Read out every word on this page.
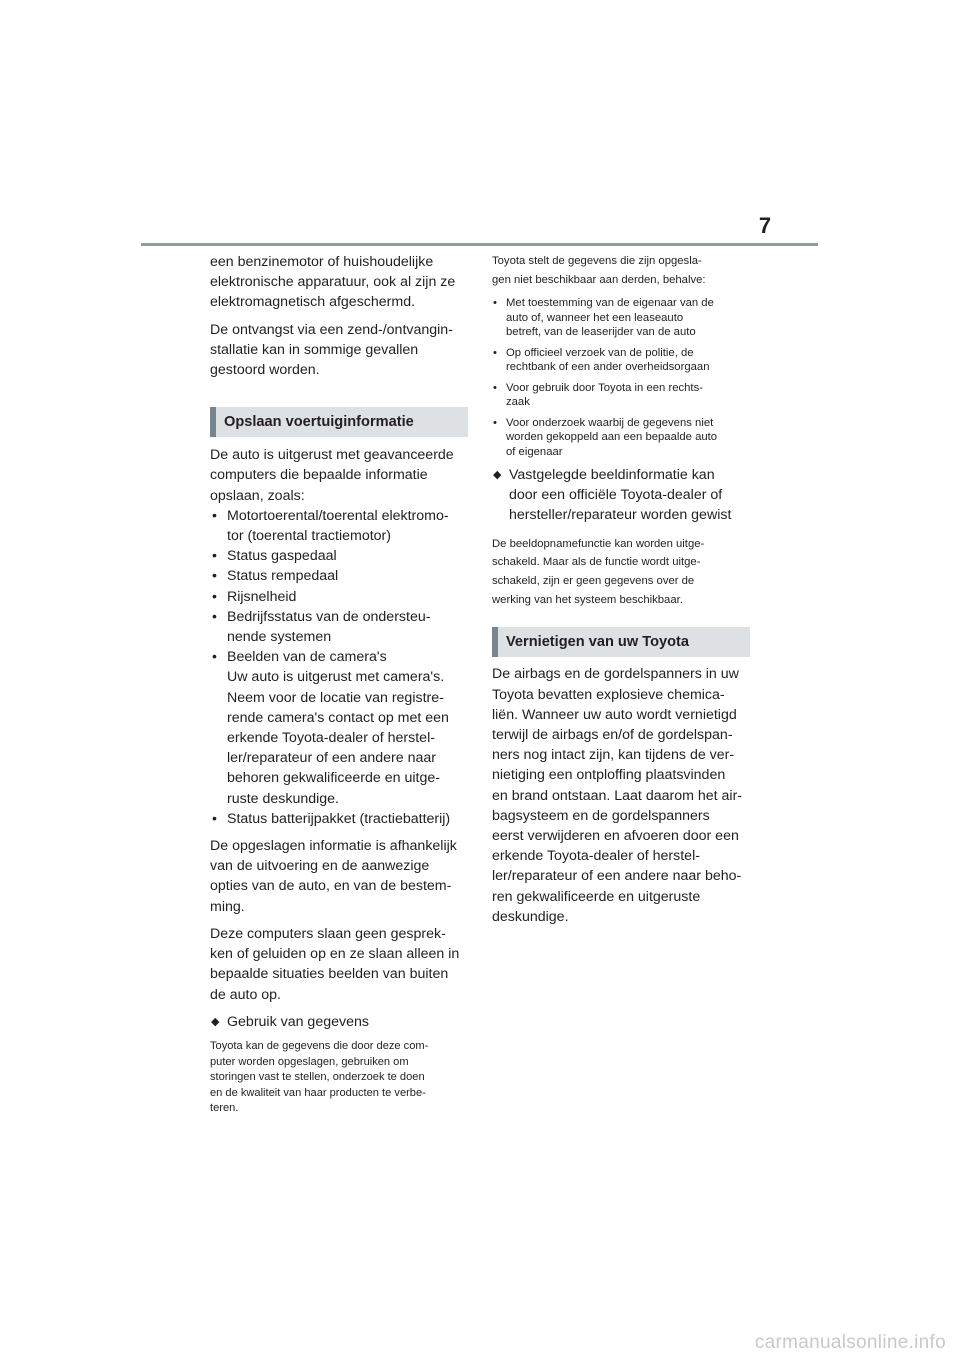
7

een benzinemotor of huishoudelijke
elektronische apparatuur, ook al zijn ze
elektromagnetisch afgeschermd.

De ontvangst via een zend-/ontvangin-
stallatie kan in sommige gevallen
gestoord worden.

Opslaan voertuiginformatie

De auto is uitgerust met geavanceerde
computers die bepaalde informatie
opslaan, zoals:

• Motortoerental/toerental elektromo-
tor (toerental tractiemotor)
• Status gaspedaal
• Status rempedaal
• Rijsnelheid
• Bedrijfsstatus van de ondersteu-
nende systemen
• Beelden van de camera's
Uw auto is uitgerust met camera's.
Neem voor de locatie van registre-
rende camera's contact op met een
erkende Toyota-dealer of herstel-
ler/reparateur of een andere naar
behoren gekwalificeerde en uitge-
ruste deskundige.
• Status batterijpakket (tractiebatterij)

De opgeslagen informatie is afhankelijk
van de uitvoering en de aanwezige
opties van de auto, en van de bestem-
ming.

Deze computers slaan geen gesprek-
ken of geluiden op en ze slaan alleen in
bepaalde situaties beelden van buiten
de auto op.

◆ Gebruik van gegevens

Toyota kan de gegevens die door deze com-
puter worden opgeslagen, gebruiken om
storingen vast te stellen, onderzoek te doen
en de kwaliteit van haar producten te verbe-
teren.

Toyota stelt de gegevens die zijn opgesla-
gen niet beschikbaar aan derden, behalve:

• Met toestemming van de eigenaar van de
auto of, wanneer het een leaseauto
betreft, van de leaserijder van de auto
• Op officieel verzoek van de politie, de
rechtbank of een ander overheidsorgaan
• Voor gebruik door Toyota in een rechts-
zaak
• Voor onderzoek waarbij de gegevens niet
worden gekoppeld aan een bepaalde auto
of eigenaar
◆ Vastgelegde beeldinformatie kan
door een officiële Toyota-dealer of
hersteller/reparateur worden gewist

De beeldopnamefunctie kan worden uitge-
schakeld. Maar als de functie wordt uitge-
schakeld, zijn er geen gegevens over de
werking van het systeem beschikbaar.

Vernietigen van uw Toyota

De airbags en de gordelspanners in uw
Toyota bevatten explosieve chemica-
liën. Wanneer uw auto wordt vernietigd
terwijl de airbags en/of de gordelspan-
ners nog intact zijn, kan tijdens de ver-
nietiging een ontploffing plaatsvinden
en brand ontstaan. Laat daarom het air-
bagsysteem en de gordelspanners
eerst verwijderen en afvoeren door een
erkende Toyota-dealer of herstel-
ler/reparateur of een andere naar beho-
ren gekwalificeerde en uitgeruste
deskundige.

carmanualsonline.info
